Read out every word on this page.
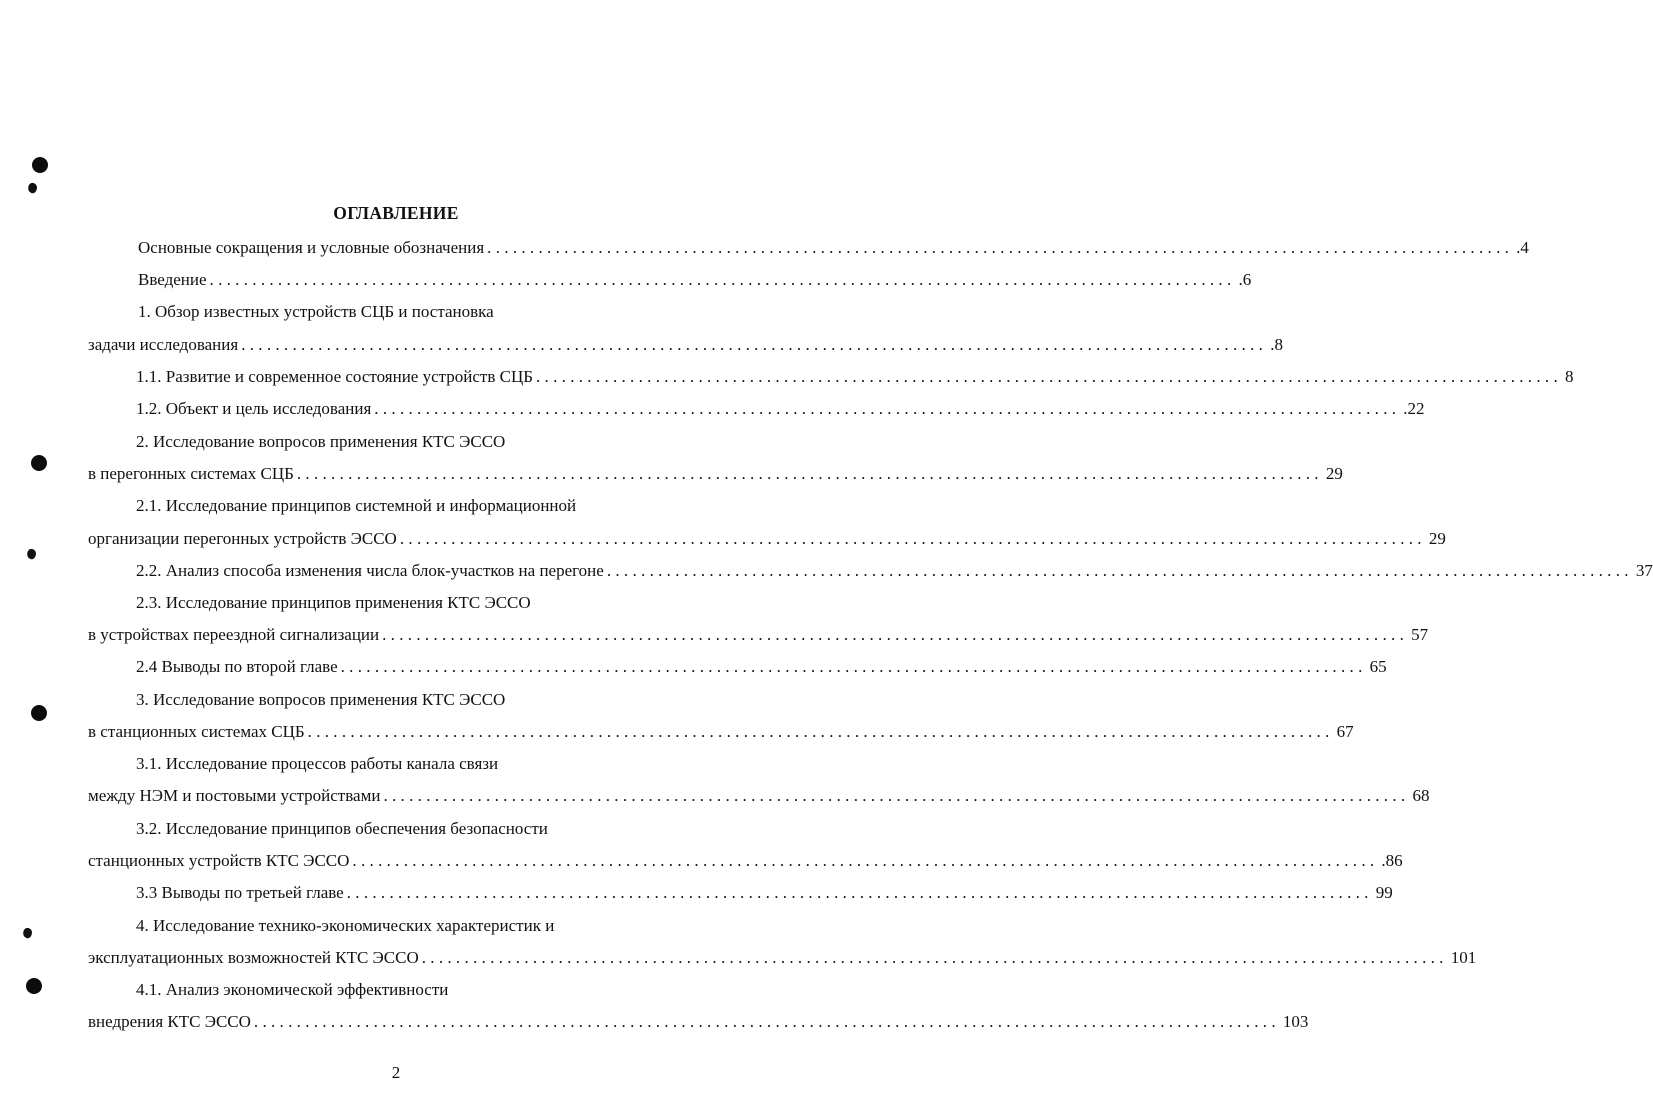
ОГЛАВЛЕНИЕ
Основные сокращения и условные обозначения ........................................................................................................................ .4
Введение ........................................................................................................................ .6
1. Обзор известных устройств СЦБ и постановка
задачи исследования ........................................................................................................................ .8
1.1. Развитие и современное состояние устройств СЦБ ........................................................................................................................ 8
1.2. Объект и цель исследования ........................................................................................................................ .22
2. Исследование вопросов применения КТС ЭССО
в перегонных системах СЦБ ........................................................................................................................ 29
2.1. Исследование принципов системной и информационной
организации перегонных устройств ЭССО ........................................................................................................................ 29
2.2. Анализ способа изменения числа блок-участков на перегоне ........................................................................................................................ 37
2.3. Исследование принципов применения КТС ЭССО
в устройствах переездной сигнализации ........................................................................................................................ 57
2.4 Выводы по второй главе ........................................................................................................................ 65
3. Исследование вопросов применения КТС ЭССО
в станционных системах СЦБ ........................................................................................................................ 67
3.1. Исследование процессов работы канала связи
между НЭМ и постовыми устройствами ........................................................................................................................ 68
3.2. Исследование принципов обеспечения безопасности
станционных устройств КТС ЭССО ........................................................................................................................ .86
3.3 Выводы по третьей главе ........................................................................................................................ 99
4. Исследование технико-экономических характеристик и
эксплуатационных возможностей КТС ЭССО ........................................................................................................................ 101
4.1. Анализ экономической эффективности
внедрения КТС ЭССО ........................................................................................................................ 103
2
